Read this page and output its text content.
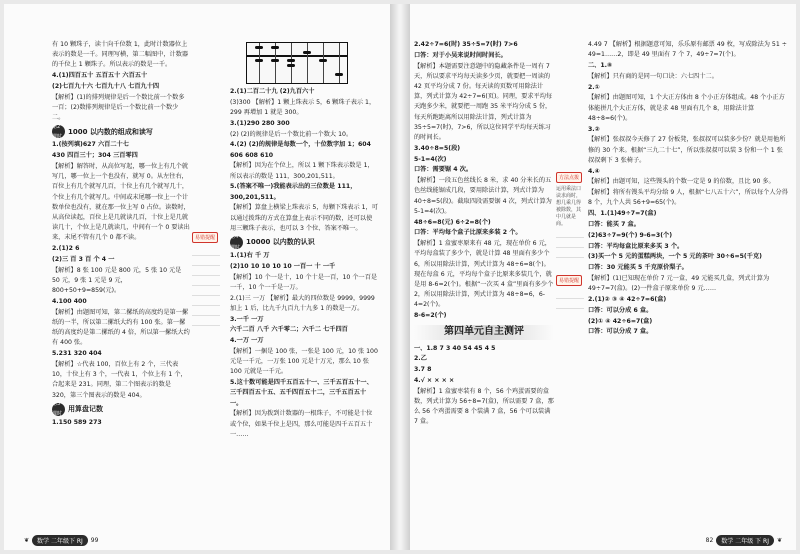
有 10 颗珠子，读十向千位数 1，此时计数器位上表示的数是一千。同理写横，第二幅图中，计数器的千位上 1 颗珠子。所以表示的数是一千。

4.(1)四百五十 五百五十 六百五十

(2)七百九十六 七百九十八 七百九十四

【解析】(1)的排列规律是后一个数比前一个数多一百；(2)数排列规律是后一个数比前一个数少二。

第2课时
1000 以内数的组成和读写

1.(按列填)627 六百二十七

430 四百三十；304 三百零四

【解析】解答时，从高位写起，哪一位上有几个就写几，哪一位上一个也没有，就写 0。从左往右，百位上有几个就写几百，十位上有几个就写几十，个位上有几个就写几。中间或末尾哪一位上一个计数单位也没有，就在那一位上写 0 占位。读数时，从高位读起，百位上是几就读几百，十位上是几就读几十，个位上是几就读几，中间有一个 0 要读出来，末尾不管有几个 0 都不读。

2.(1)2 6

(2)三 百 3 百 个 4 一

【解析】8 张 100 元是 800 元，5 张 10 元是 50 元，9 张 1 元是 9 元，800+50+9=859(元)。

4.100 400

【解析】由题图可知，第二摞纸的高度约是第一摞纸的一半，所以第二摞纸大约有 100 张。第一摞纸的高度约是第二摞纸的 4 倍，所以第一摞纸大约有 400 张。

5.231 320 404

【解析】☆代表 100，百位上有 2 个，三代表 10，十位上有 3 个，一代表 1，个位上有 1 个，合起来是 231。同理，第二个图表示的数是 320，第三个图表示的数是 404。

第3课时
用算盘记数

1.150 589 273

易错提醒

2.(1)二百二十九 (2)九百六十

(3)300 【解析】1 颗上珠表示 5，6 颗珠子表示 1，299 再增加 1 就是 300。

3.(1)290 280 300

(2) (2)的规律是后一个数比前一个数大 10。

4.(2) (2)的规律是每数一个，十位数字加 1；604 606 608 610

【解析】因为在个位上，所以 1 颗下珠表示数是 1，所以表示的数是 111，300,201,511。

5.(答案不唯一)我能表示出的三位数是 111，300,201,511。

【解析】算盘上横梁上珠表示 5，每颗下珠表示 1，可以通过拨珠的方式在算盘上表示不同的数，还可以使用三颗珠子表示，也可以 3 个位、答案不唯一。

第4课时
10000 以内数的认识

1.(1)右 千 万

(2)10 10 10 10 10 一百一 十 一千

【解析】10 个一是十，10 个十是一百，10 个一百是一千，10 个一千是一万。

2.(1)三 一万 【解析】最大的四位数是 9999，9999 加上 1 后，比九千九百九十九多 1 的数是一万。

3.一千 一万

六千二百 八千 六千零二；六千二 七千四百

4.一万 一万

【解析】一捆是 100 张，一张是 100 元，10 张 100 元是一千元，一万张 100 元是十万元，那么 10 张 100 元就是一千元。

5.这十数可能是四千五百五十一、三千五百五十一、三千四百五十五、五千四百五十二，三千五百五十一。

【解析】因为拨到计数器的一根珠子，不可能是十位或个位，如果千位上是四，那么可能是四千五百五十一……

❦	数学 二年级下 RJ	99

2.42÷7=6(时) 35÷5=7(时) 7>6

口答：对于小吴来说时间时间长。

【解析】本题需要注意题中的隐藏条件是一周有 7 天，所以要求平均每天读多少页，就要把一周读的 42 页平均分成 7 份。每天读的页数可用除法计算，列式计算为 42÷7=6(页)。同理，要求平均每天跑多少米，就要把一周跑 35 米平均分成 5 份，每天所跑距离所以用除法计算，列式计算为 35÷5=7(时)，7>6，所以这位同学平均每天练习的时间长。

3.40÷8=5(段)

5-1=4(次)

口答：需要锯 4 次。

【解析】一段五色丝线长 8 米，求 40 分米长的五色丝线能锯成几段，要用除法计算，列式计算为 40÷8=5(段)。截取四段需要锯 4 次，列式计算为 5-1=4(次)。

48÷6=8(元) 6÷2=8(个)

口答：平均每个盒子比原来多装 2 个。

【解析】1 盒蜜枣原来有 48 元，现在单价 6 元，平均每盒装了多少个，就是计算 48 里面有多少个 6，所以用除法计算，列式计算为 48÷6=8(个)。现在每盒 6 元，平均每个盒子比原来多装几个，就是用 8-6=2(个)。根据“一次买 4 盒”里面有多少个 2，所以用除法计算，列式计算为 48÷8=6，6-4=2(个)。

8-6=2(个)

第四单元自主测评

一、1.8 7 3 40 54 45 4 5

2.乙

3.7 8

4.√ × × × ×

【解析】1 盒蜜枣装有 8 个，56 个鸡蛋需要的盒数，列式计算为 56÷8=7(盒)，所以需要 7 盒，那么 56 个鸡蛋需要 8 个装满 7 盒，56 个可以装满 7 盒。

方法点拨
运用乘法口诀求商时，想几乘几得被除数，其中几就是商。
易错提醒

4.49 7 【解析】根据题意可知，乐乐原有邮票 49 枚，写成除法为 51 ÷ 49=1……2，即是 49 里面有 7 个 7，49÷7=7(个)。

二、1.⑧

【解析】只有商的是同一句口诀：六七四十二。

2.①

【解析】由题图可知，1 个大正方体由 8 个小正方体组成。48 个小正方体能拼几个大正方体，就是求 48 里面有几个 8，用除法计算 48÷8=6(个)。

3.②

【解析】张叔叔今天修了 27 份板凳，张叔叔可以装多少份？就是用他所修的 30 个来。根据“三九二十七”，所以张叔叔可以装 3 份和一个 1 张叔叔剩下 3 张椅子。

4.④

【解析】由题可知，这些馒头的个数一定是 9 的倍数，且比 90 多。

【解析】将所有馒头平均分给 9 人，根据“七八五十六”，所以每个人分得 8 个，九个人共 56+9=65(个)。

四、1.(1)49÷7=7(盒)

口答：能买 7 盒。

(2)63÷7=9(个) 9-6=3(个)

口答：平均每盒比原来多买 3 个。

(3)买一个 5 元的蛋糕两块，一个 5 元的茶叶 30÷6=5(千克)

口答：30 元能买 5 千克原价梨子。

【解析】(1)已知现在单价 7 元一盒，49 元能买几盒，列式计算为 49÷7=7(盒)。(2)一件盒子原来单价 9 元……

2.(1)② ③ ④ 42÷7=6(盒)

口答：可以分成 6 盒。

(2)① ④ 42÷6=7(盒)

口答：可以分成 7 盒。

82	数学 二年级 下 RJ	❦
